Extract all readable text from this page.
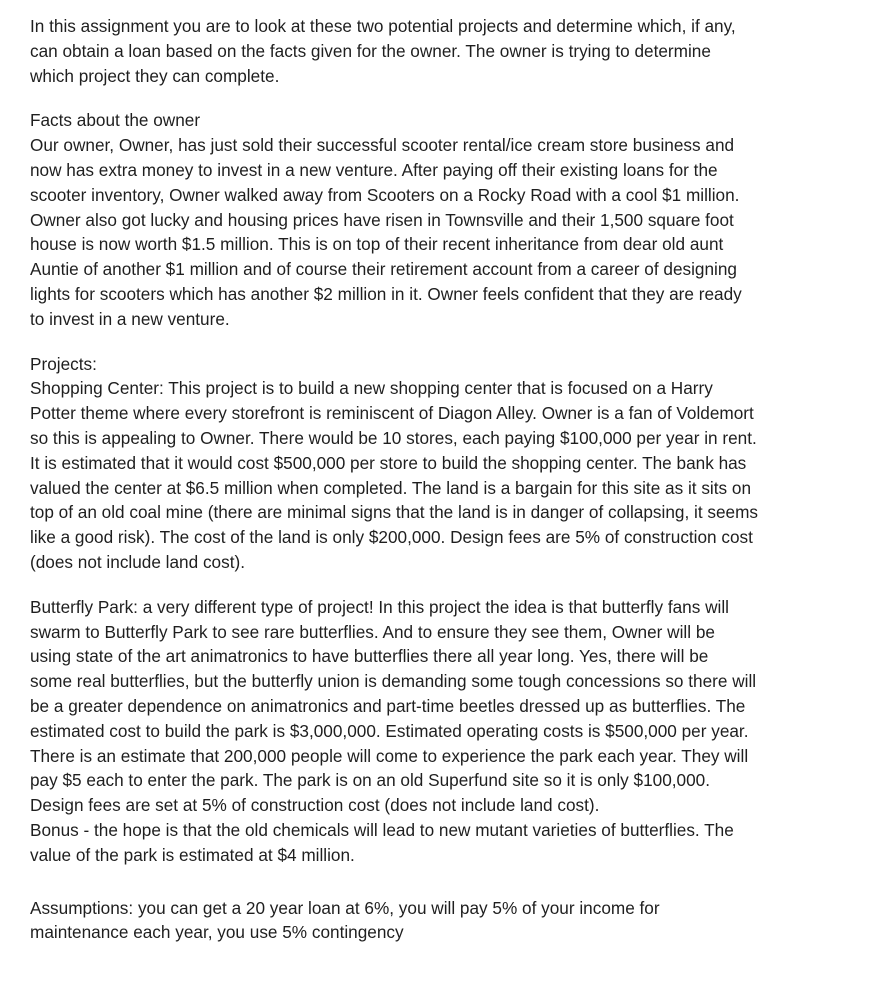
In this assignment you are to look at these two potential projects and determine which, if any,
can obtain a loan based on the facts given for the owner. The owner is trying to determine
which project they can complete.

Facts about the owner
Our owner, Owner, has just sold their successful scooter rental/ice cream store business and
now has extra money to invest in a new venture. After paying off their existing loans for the
scooter inventory, Owner walked away from Scooters on a Rocky Road with a cool $1 million.
Owner also got lucky and housing prices have risen in Townsville and their 1,500 square foot
house is now worth $1.5 million. This is on top of their recent inheritance from dear old aunt
Auntie of another $1 million and of course their retirement account from a career of designing
lights for scooters which has another $2 million in it. Owner feels confident that they are ready
to invest in a new venture.

Projects:
Shopping Center: This project is to build a new shopping center that is focused on a Harry
Potter theme where every storefront is reminiscent of Diagon Alley. Owner is a fan of Voldemort
so this is appealing to Owner. There would be 10 stores, each paying $100,000 per year in rent.
It is estimated that it would cost $500,000 per store to build the shopping center. The bank has
valued the center at $6.5 million when completed. The land is a bargain for this site as it sits on
top of an old coal mine (there are minimal signs that the land is in danger of collapsing, it seems
like a good risk). The cost of the land is only $200,000. Design fees are 5% of construction cost
(does not include land cost).

Butterfly Park: a very different type of project! In this project the idea is that butterfly fans will
swarm to Butterfly Park to see rare butterflies. And to ensure they see them, Owner will be
using state of the art animatronics to have butterflies there all year long. Yes, there will be
some real butterflies, but the butterfly union is demanding some tough concessions so there will
be a greater dependence on animatronics and part-time beetles dressed up as butterflies. The
estimated cost to build the park is $3,000,000. Estimated operating costs is $500,000 per year.
There is an estimate that 200,000 people will come to experience the park each year. They will
pay $5 each to enter the park. The park is on an old Superfund site so it is only $100,000.
Design fees are set at 5% of construction cost (does not include land cost).
Bonus - the hope is that the old chemicals will lead to new mutant varieties of butterflies. The
value of the park is estimated at $4 million.

Assumptions: you can get a 20 year loan at 6%, you will pay 5% of your income for
maintenance each year, you use 5% contingency
